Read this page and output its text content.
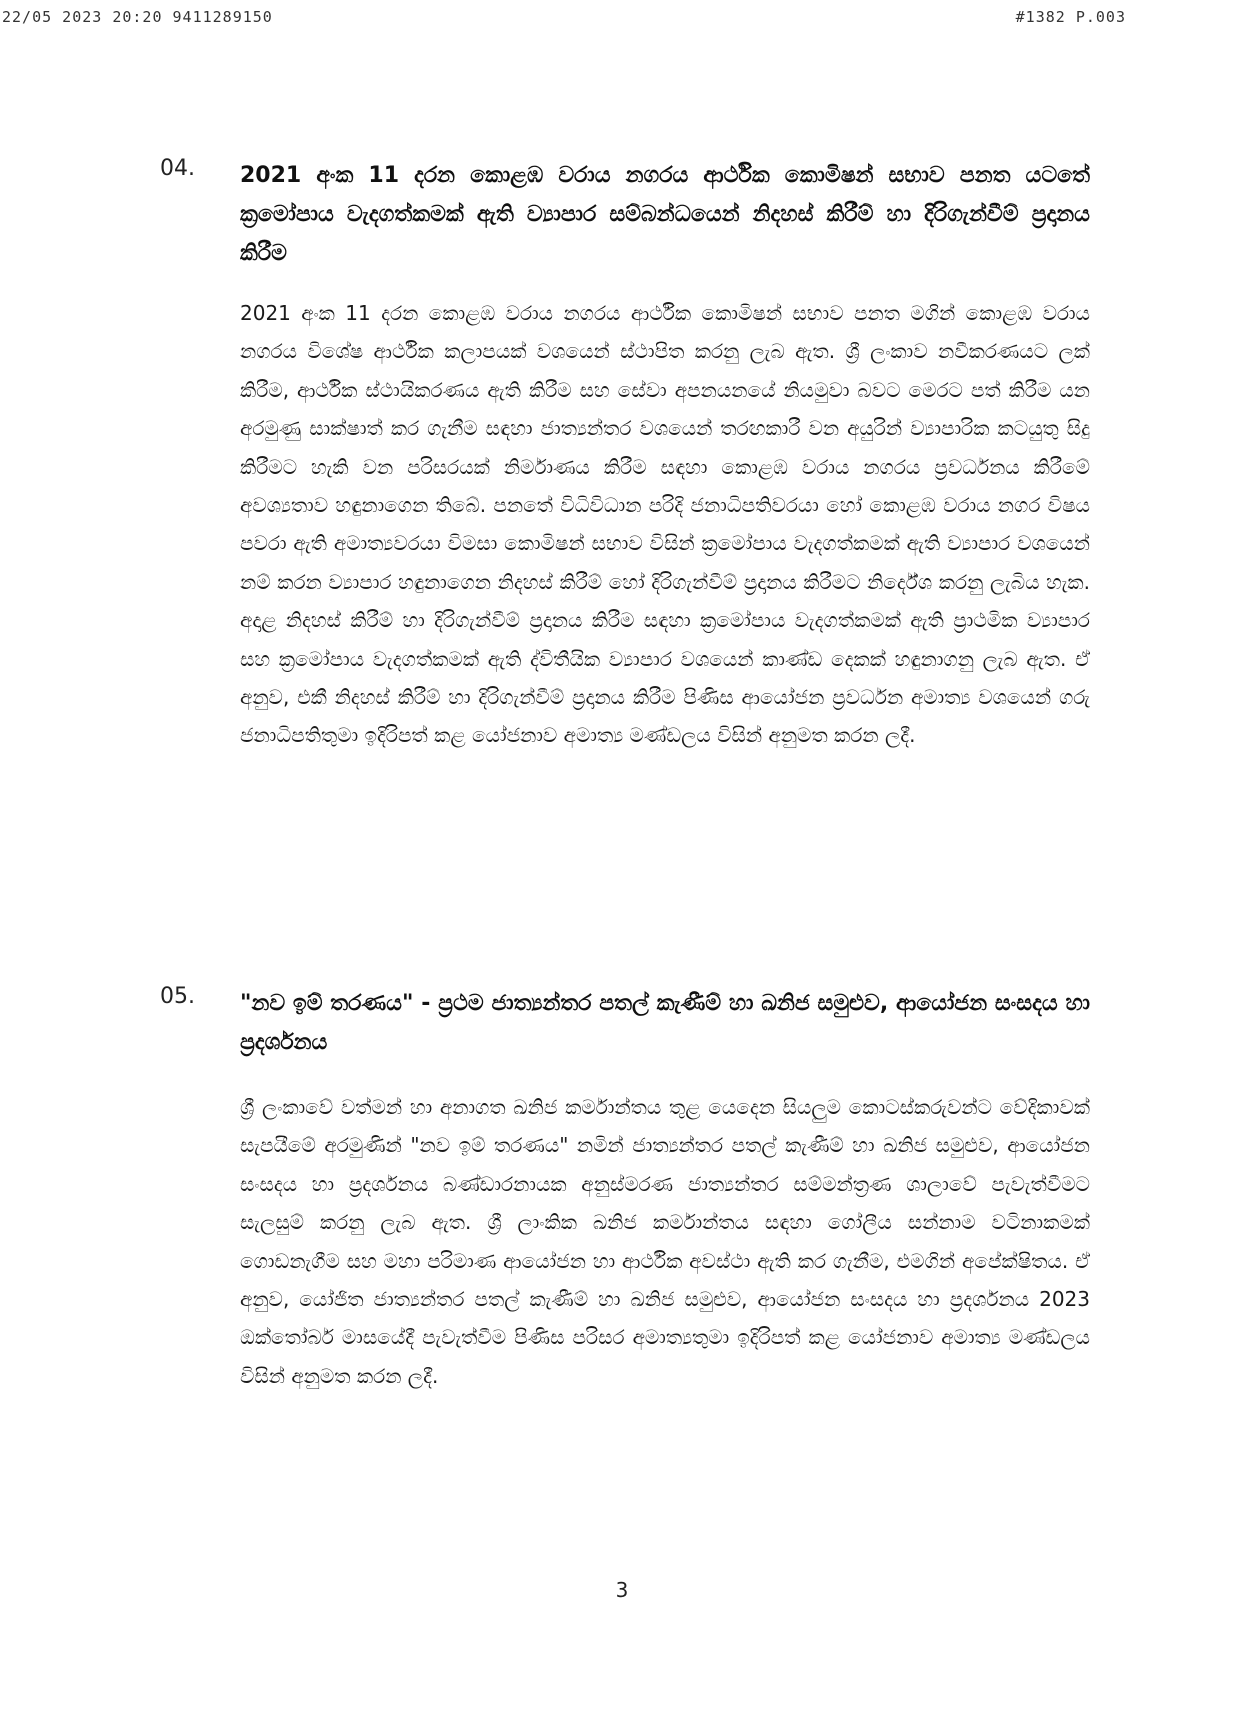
22/05 2023 20:20 9411289150	#1382 P.003
04. 2021 අංක 11 දරන කොළඹ වරාය නගරය ආර්ථික කොමිෂන් සභාව පනත යටතේ ක්‍රමෝපාය වැදගත්කමක් ඇති ව්‍යාපාර සම්බන්ධයෙන් නිදහස් කිරීම් හා දිරිගැන්වීම් ප්‍රදානය කිරීම
2021 අංක 11 දරන කොළඹ වරාය නගරය ආර්ථික කොමිෂන් සභාව පනත මගින් කොළඹ වරාය නගරය විශේෂ ආර්ථික කලාපයක් වශයෙන් ස්ථාපිත කරනු ලැබ ඇත. ශ්‍රී ලංකාව නවීකරණයට ලක් කිරීම, ආර්ථික ස්ථායිකරණය ඇති කිරීම සහ සේවා අපනයනයේ නියමුවා බවට මෙරට පත් කිරීම යන අරමුණු සාක්ෂාත් කර ගැනීම සඳහා ජාත්‍යන්තර වශයෙන් තරඟකාරී වන අයුරින් ව්‍යාපාරික කටයුතු සිදු කිරීමට හැකි වන පරිසරයක් නිර්මාණය කිරීම සඳහා කොළඹ වරාය නගරය ප්‍රවර්ධනය කිරීමේ අවශ්‍යතාව හඳුනාගෙන තිබේ. පනතේ විධිවිධාන පරිදි ජනාධිපතිවරයා හෝ කොළඹ වරාය නගර විෂය පවරා ඇති අමාත්‍යවරයා විමසා කොමිෂන් සභාව විසින් ක්‍රමෝපාය වැදගත්කමක් ඇති ව්‍යාපාර වශයෙන් නම් කරන ව්‍යාපාර හඳුනාගෙන නිදහස් කිරීම් හෝ දිරිගැන්වීම් ප්‍රදානය කිරීමට නිර්දේශ කරනු ලැබිය හැක. අදාළ නිදහස් කිරීම් හා දිරිගැන්වීම් ප්‍රදානය කිරීම සඳහා ක්‍රමෝපාය වැදගත්කමක් ඇති ප්‍රාථමික ව්‍යාපාර සහ ක්‍රමෝපාය වැදගත්කමක් ඇති ද්විතීයික ව්‍යාපාර වශයෙන් කාණ්ඩ දෙකක් හඳුනාගනු ලැබ ඇත. ඒ අනුව, එකී නිදහස් කිරීම් හා දිරිගැන්වීම් ප්‍රදානය කිරීම පිණිස ආයෝජන ප්‍රවර්ධන අමාත්‍ය වශයෙන් ගරු ජනාධිපතිතුමා ඉදිරිපත් කළ යෝජනාව අමාත්‍ය මණ්ඩලය විසින් අනුමත කරන ලදී.
05. "නව ඉම් තරණය" - ප්‍රථම ජාත්‍යන්තර පතල් කැණීම් හා ඛනිජ සමුළුව, ආයෝජන සංසදය හා ප්‍රදර්ශනය
ශ්‍රී ලංකාවේ වත්මන් හා අනාගත ඛනිජ කර්මාන්තය තුළ යෙදෙන සියලුම කොටස්කරුවන්ට වේදිකාවක් සැපයීමේ අරමුණින් "නව ඉම් තරණය" නමින් ජාත්‍යන්තර පතල් කැණීම් හා ඛනිජ සමුළුව, ආයෝජන සංසදය හා ප්‍රදර්ශනය බණ්ඩාරනායක අනුස්මරණ ජාත්‍යන්තර සම්මන්ත්‍රණ ශාලාවේ පැවැත්වීමට සැලසුම් කරනු ලැබ ඇත. ශ්‍රී ලාංකික ඛනිජ කර්මාන්තය සඳහා ගෝලීය සන්නාම වටිනාකමක් ගොඩනැගීම සහ මහා පරිමාණ ආයෝජන හා ආර්ථික අවස්ථා ඇති කර ගැනීම, එමගින් අපේක්ෂිතය. ඒ අනුව, යෝජිත ජාත්‍යන්තර පතල් කැණීම් හා ඛනිජ සමුළුව, ආයෝජන සංසදය හා ප්‍රදර්ශනය 2023 ඔක්තෝබර් මාසයේදී පැවැත්වීම පිණිස පරිසර අමාත්‍යතුමා ඉදිරිපත් කළ යෝජනාව අමාත්‍ය මණ්ඩලය විසින් අනුමත කරන ලදී.
3
